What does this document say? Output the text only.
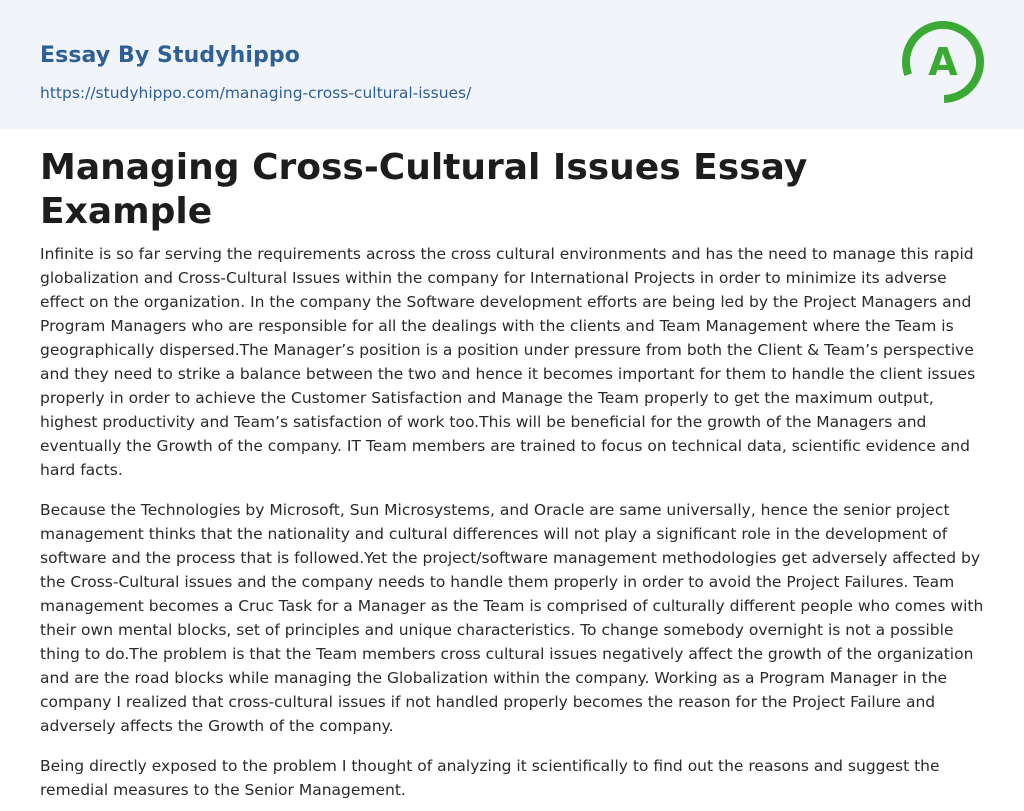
Essay By Studyhippo
https://studyhippo.com/managing-cross-cultural-issues/
A
Managing Cross-Cultural Issues Essay Example

Infinite is so far serving the requirements across the cross cultural environments and has the need to manage this rapid globalization and Cross-Cultural Issues within the company for International Projects in order to minimize its adverse effect on the organization. In the company the Software development efforts are being led by the Project Managers and Program Managers who are responsible for all the dealings with the clients and Team Management where the Team is geographically dispersed.The Manager’s position is a position under pressure from both the Client & Team’s perspective and they need to strike a balance between the two and hence it becomes important for them to handle the client issues properly in order to achieve the Customer Satisfaction and Manage the Team properly to get the maximum output, highest productivity and Team’s satisfaction of work too.This will be beneficial for the growth of the Managers and eventually the Growth of the company. IT Team members are trained to focus on technical data, scientific evidence and hard facts.

Because the Technologies by Microsoft, Sun Microsystems, and Oracle are same universally, hence the senior project management thinks that the nationality and cultural differences will not play a significant role in the development of software and the process that is followed.Yet the project/software management methodologies get adversely affected by the Cross-Cultural issues and the company needs to handle them properly in order to avoid the Project Failures. Team management becomes a Cruc Task for a Manager as the Team is comprised of culturally different people who comes with their own mental blocks, set of principles and unique characteristics. To change somebody overnight is not a possible thing to do.The problem is that the Team members cross cultural issues negatively affect the growth of the organization and are the road blocks while managing the Globalization within the company. Working as a Program Manager in the company I realized that cross-cultural issues if not handled properly becomes the reason for the Project Failure and adversely affects the Growth of the company.

Being directly exposed to the problem I thought of analyzing it scientifically to find out the reasons and suggest the remedial measures to the Senior Management.
